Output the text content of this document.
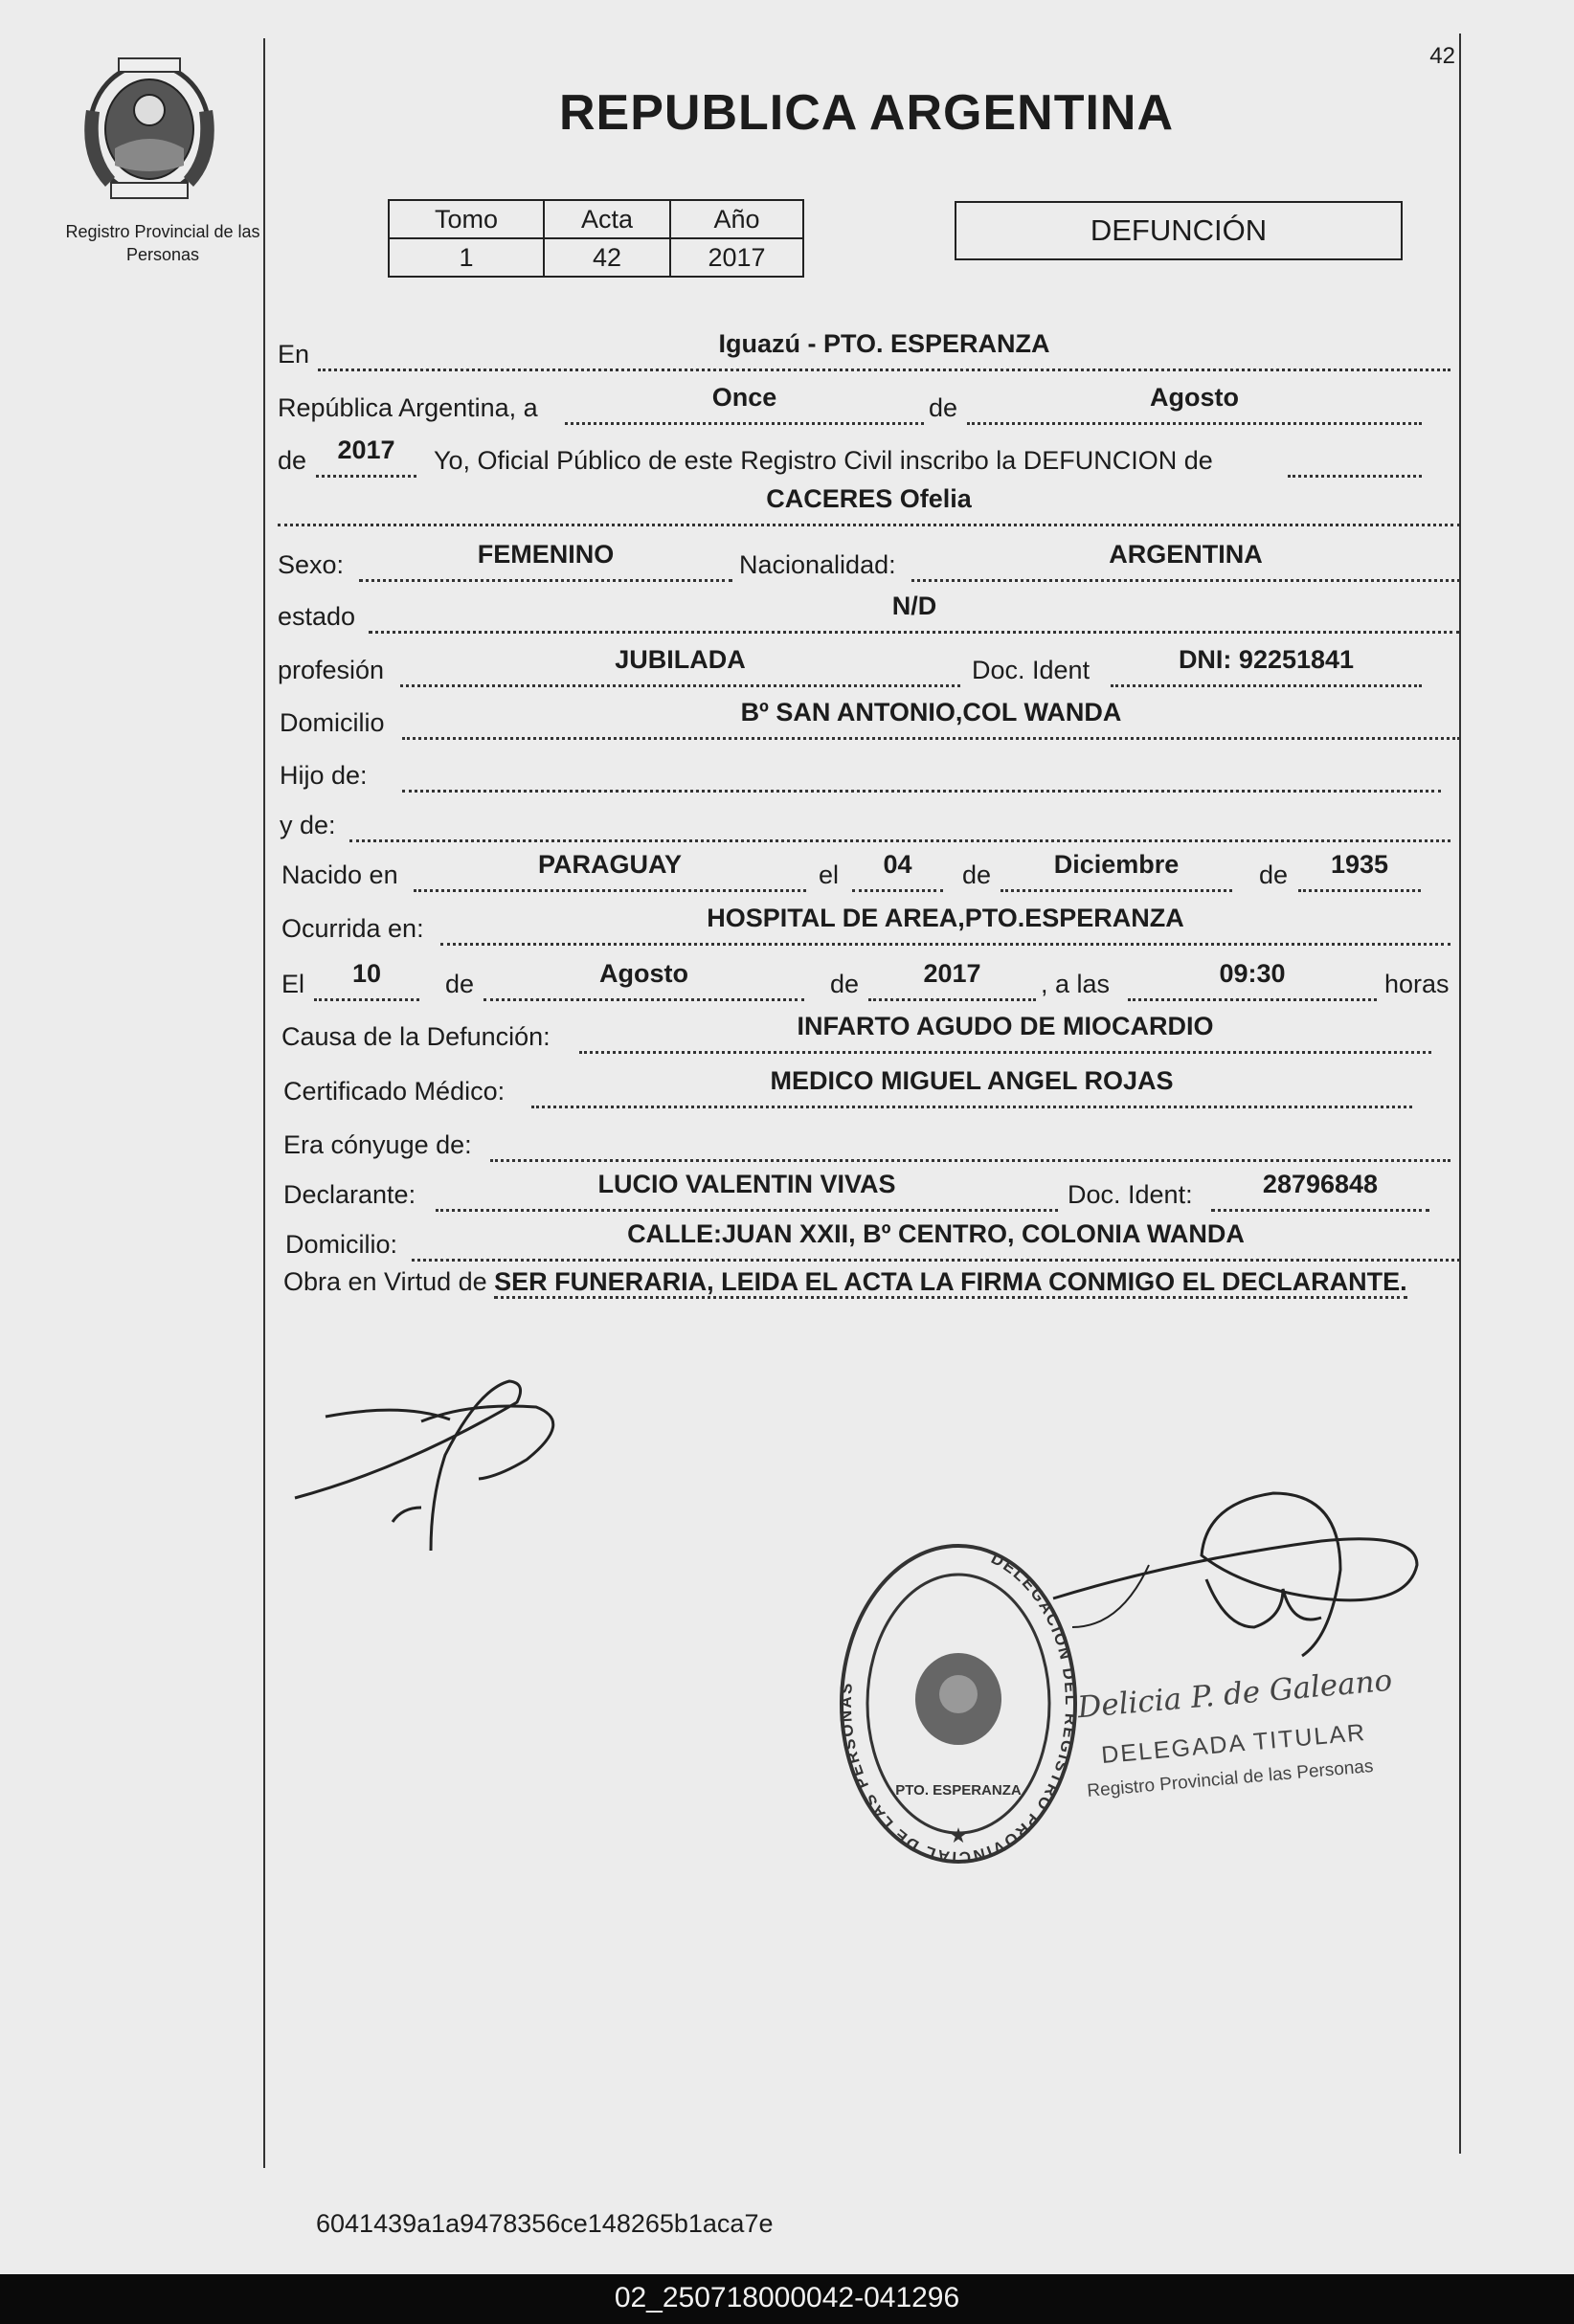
Registro Provincial de las Personas
42
REPUBLICA ARGENTINA
Tomo	Acta	Año
1	42	2017
DEFUNCIÓN
En	Iguazú - PTO. ESPERANZA
República Argentina, a	Once	de	Agosto
de	2017	Yo, Oficial Público de este Registro Civil inscribo la DEFUNCION de
CACERES Ofelia
Sexo:	FEMENINO	Nacionalidad:	ARGENTINA
estado	N/D
profesión	JUBILADA	Doc. Ident	DNI: 92251841
Domicilio	Bº SAN ANTONIO,COL WANDA
Hijo de:
y de:
Nacido en	PARAGUAY	el	04	de	Diciembre	de	1935
Ocurrida en:	HOSPITAL DE AREA,PTO.ESPERANZA
El	10	de	Agosto	de	2017	, a las	09:30	horas
Causa de la Defunción:	INFARTO AGUDO DE MIOCARDIO
Certificado Médico:	MEDICO MIGUEL ANGEL ROJAS
Era cónyuge de:
Declarante:	LUCIO VALENTIN VIVAS	Doc. Ident:	28796848
Domicilio:	CALLE:JUAN XXII, Bº CENTRO, COLONIA WANDA
Obra en Virtud de SER FUNERARIA, LEIDA EL ACTA LA FIRMA CONMIGO EL DECLARANTE.
DELEGACION DEL REGISTRO PROVINCIAL DE LAS PERSONAS
PTO. ESPERANZA
★
Delicia P. de Galeano
DELEGADA TITULAR
Registro Provincial de las Personas
6041439a1a9478356ce148265b1aca7e
02_250718000042-041296
